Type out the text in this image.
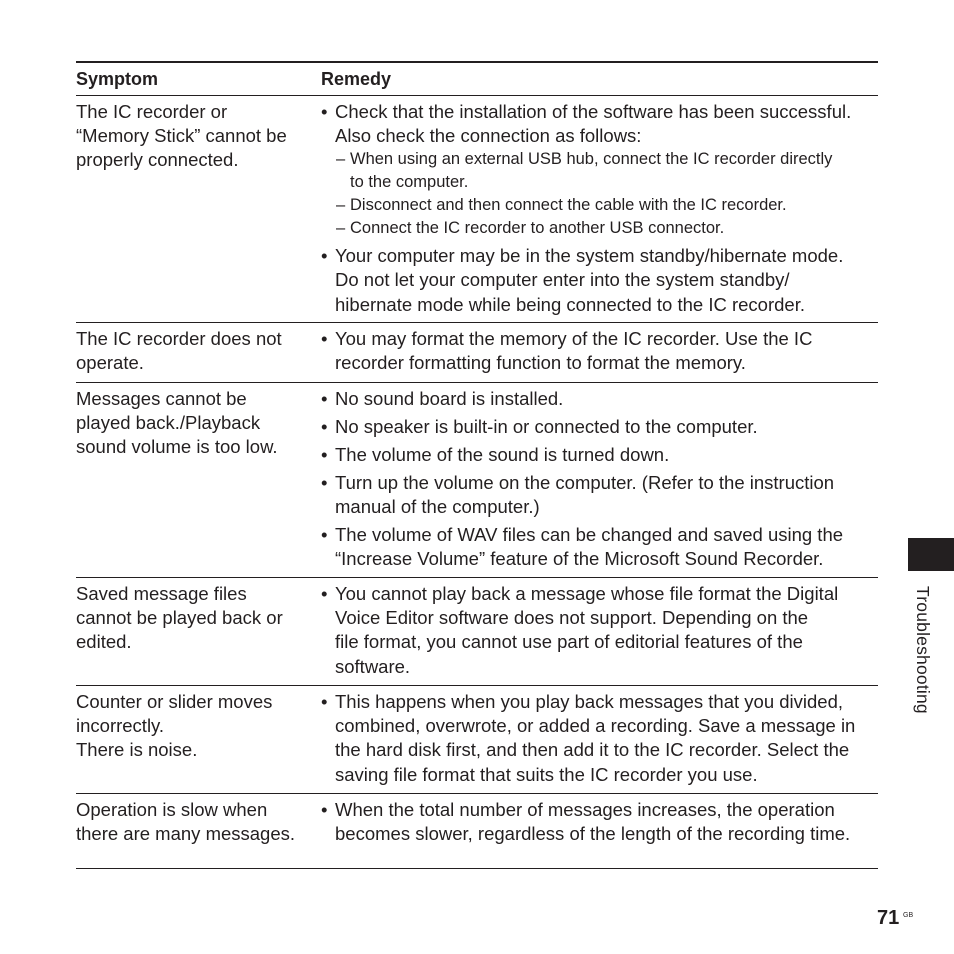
Symptom	Remedy
The IC recorder or
“Memory Stick” cannot be
properly connected.
• Check that the installation of the software has been successful.
Also check the connection as follows:
– When using an external USB hub, connect the IC recorder directly
to the computer.
– Disconnect and then connect the cable with the IC recorder.
– Connect the IC recorder to another USB connector.
• Your computer may be in the system standby/hibernate mode.
Do not let your computer enter into the system standby/
hibernate mode while being connected to the IC recorder.
The IC recorder does not
operate.
• You may format the memory of the IC recorder. Use the IC
recorder formatting function to format the memory.
Messages cannot be
played back./Playback
sound volume is too low.
• No sound board is installed.
• No speaker is built-in or connected to the computer.
• The volume of the sound is turned down.
• Turn up the volume on the computer. (Refer to the instruction
manual of the computer.)
• The volume of WAV files can be changed and saved using the
“Increase Volume” feature of the Microsoft Sound Recorder.
Saved message files
cannot be played back or
edited.
• You cannot play back a message whose file format the Digital
Voice Editor software does not support. Depending on the
file format, you cannot use part of editorial features of the
software.
Counter or slider moves
incorrectly.
There is noise.
• This happens when you play back messages that you divided,
combined, overwrote, or added a recording. Save a message in
the hard disk first, and then add it to the IC recorder. Select the
saving file format that suits the IC recorder you use.
Operation is slow when
there are many messages.
• When the total number of messages increases, the operation
becomes slower, regardless of the length of the recording time.
Troubleshooting
71 GB
